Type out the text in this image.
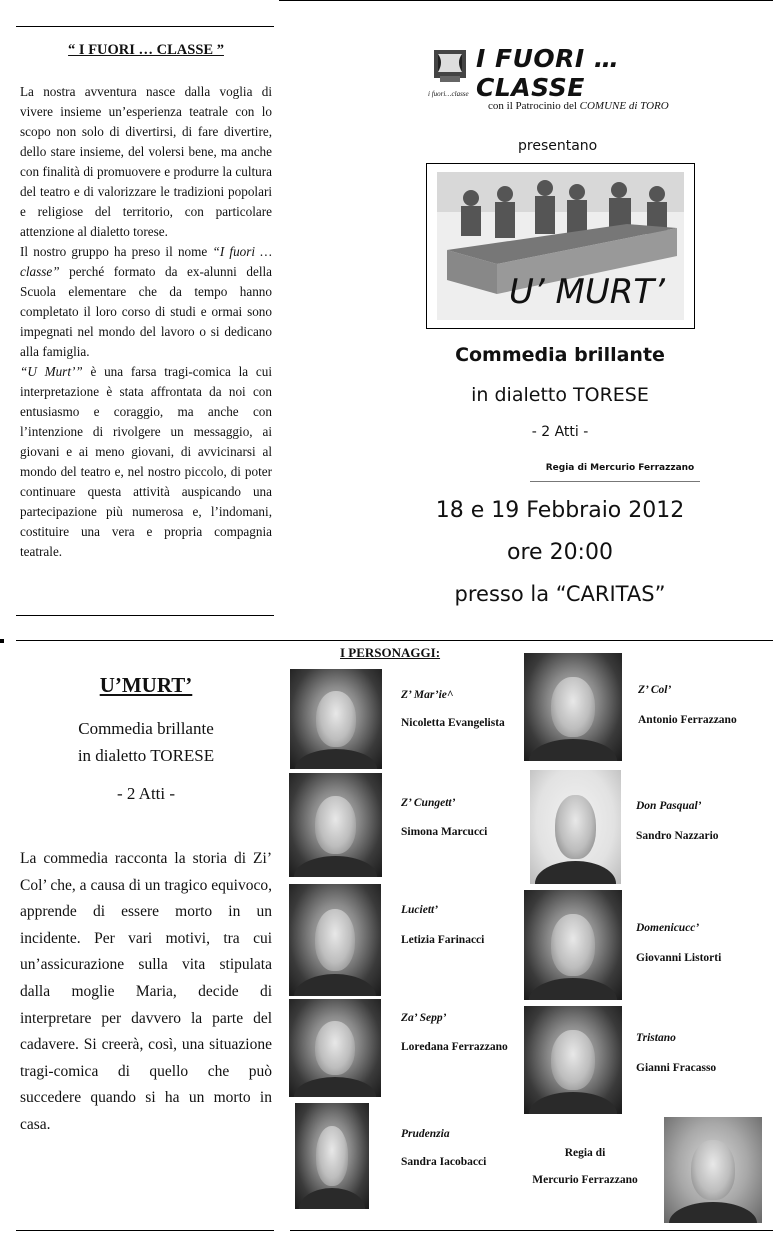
“ I FUORI … CLASSE ”
La nostra avventura nasce dalla voglia di vivere insieme un’esperienza teatrale con lo scopo non solo di divertirsi, di fare divertire, dello stare insieme, del volersi bene, ma anche con finalità di promuovere e produrre la cultura del teatro e di valorizzare le tradizioni popolari e religiose del territorio, con particolare attenzione al dialetto torese.
Il nostro gruppo ha preso il nome “I fuori … classe” perché formato da ex-alunni della Scuola elementare che da tempo hanno completato il loro corso di studi e ormai sono impegnati nel mondo del lavoro o si dedicano alla famiglia.
“U Murt’” è una farsa tragi-comica la cui interpretazione è stata affrontata da noi con entusiasmo e coraggio, ma anche con l’intenzione di rivolgere un messaggio, ai giovani e ai meno giovani, di avvicinarsi al mondo del teatro e, nel nostro piccolo, di poter continuare questa attività auspicando una partecipazione più numerosa e, l’indomani, costituire una vera e propria compagnia teatrale.
i fuori…classe
I FUORI … CLASSE
con il Patrocinio del COMUNE di TORO
presentano
U’ MURT’
Commedia brillante
in dialetto TORESE
- 2 Atti -
Regia di Mercurio Ferrazzano
18 e 19 Febbraio 2012
ore 20:00
presso la “CARITAS”
U’MURT’
Commedia brillante
in dialetto TORESE
- 2 Atti -
La commedia racconta la storia di Zi’ Col’ che, a causa di un tragico equivoco, apprende di essere morto in un incidente. Per vari motivi, tra cui un’assicurazione sulla vita stipulata dalla moglie Maria, decide di interpretare per davvero la parte del cadavere. Si creerà, così, una situazione tragi-comica di quello che può succedere quando si ha un morto in casa.
I PERSONAGGI:
Z’ Mar’ie^
Nicoletta Evangelista
Z’ Cungett’
Simona Marcucci
Luciett’
Letizia Farinacci
Za’ Sepp’
Loredana Ferrazzano
Prudenzia
Sandra Iacobacci
Z’ Col’
Antonio Ferrazzano
Don Pasqual’
Sandro Nazzario
Domenicucc’
Giovanni Listorti
Tristano
Gianni Fracasso
Regia di
Mercurio Ferrazzano
